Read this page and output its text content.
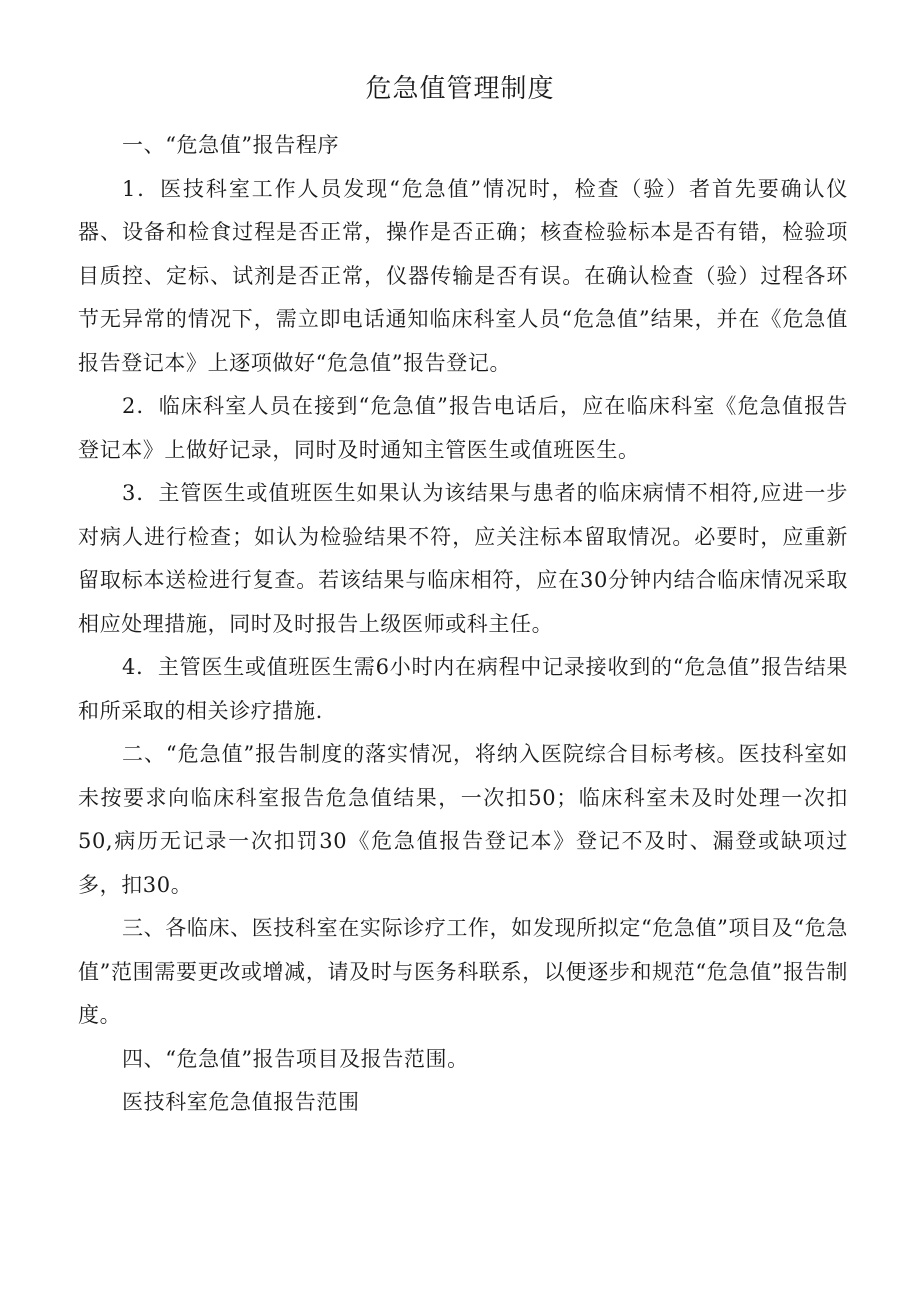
危急值管理制度

一、“危急值”报告程序

1．医技科室工作人员发现“危急值”情况时，检查（验）者首先要确认仪器、设备和检食过程是否正常，操作是否正确；核查检验标本是否有错，检验项目质控、定标、试剂是否正常，仪器传输是否有误。在确认检查（验）过程各环节无异常的情况下，需立即电话通知临床科室人员“危急值”结果，并在《危急值报告登记本》上逐项做好“危急值”报告登记。

2．临床科室人员在接到“危急值”报告电话后，应在临床科室《危急值报告登记本》上做好记录，同时及时通知主管医生或值班医生。

3．主管医生或值班医生如果认为该结果与患者的临床病情不相符,应进一步对病人进行检查；如认为检验结果不符，应关注标本留取情况。必要时，应重新留取标本送检进行复查。若该结果与临床相符，应在30分钟内结合临床情况采取相应处理措施，同时及时报告上级医师或科主任。

4．主管医生或值班医生需6小时内在病程中记录接收到的“危急值”报告结果和所采取的相关诊疗措施.

二、“危急值”报告制度的落实情况，将纳入医院综合目标考核。医技科室如未按要求向临床科室报告危急值结果，一次扣50；临床科室未及时处理一次扣50,病历无记录一次扣罚30《危急值报告登记本》登记不及时、漏登或缺项过多，扣30。

三、各临床、医技科室在实际诊疗工作，如发现所拟定“危急值”项目及“危急值”范围需要更改或增减，请及时与医务科联系，以便逐步和规范“危急值”报告制度。

四、“危急值”报告项目及报告范围。

医技科室危急值报告范围
